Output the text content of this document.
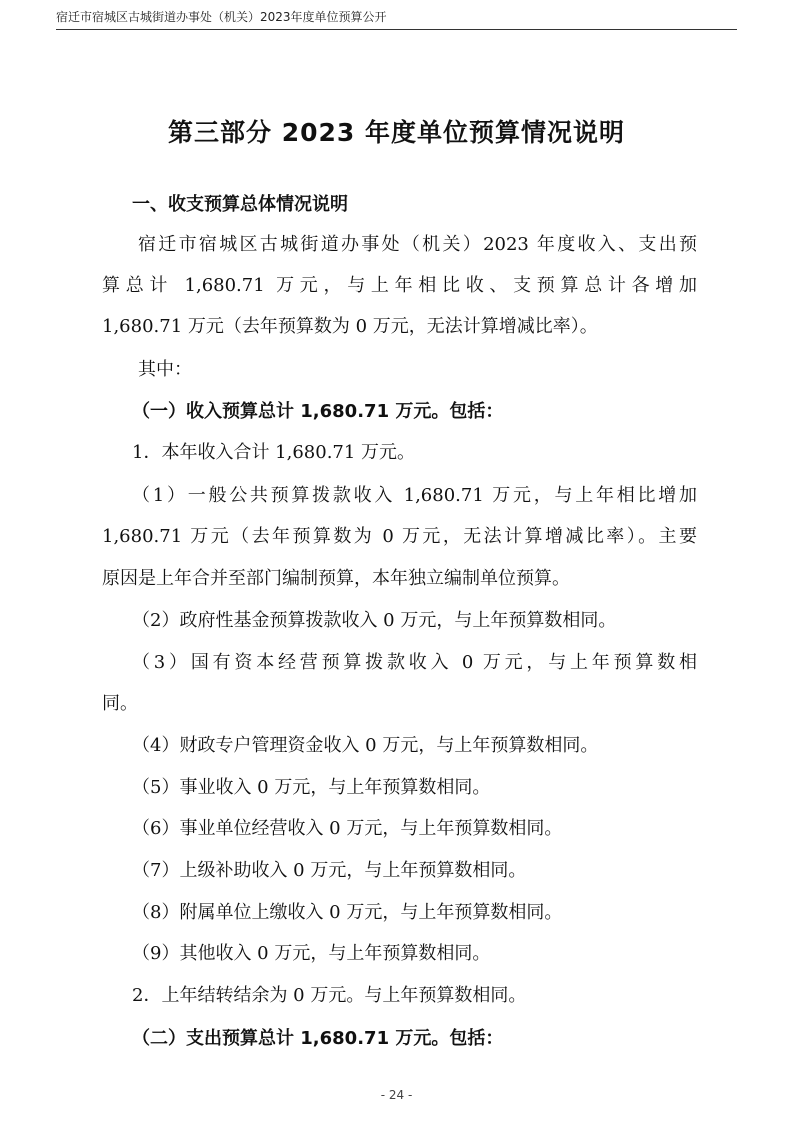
宿迁市宿城区古城街道办事处（机关）2023年度单位预算公开
第三部分 2023 年度单位预算情况说明
一、收支预算总体情况说明
宿迁市宿城区古城街道办事处（机关）2023 年度收入、支出预
算总计 1,680.71 万元，与上年相比收、支预算总计各增加
1,680.71 万元（去年预算数为 0 万元，无法计算增减比率）。
其中：
（一）收入预算总计 1,680.71 万元。包括：
1．本年收入合计 1,680.71 万元。
（1）一般公共预算拨款收入 1,680.71 万元，与上年相比增加
1,680.71 万元（去年预算数为 0 万元，无法计算增减比率）。主要
原因是上年合并至部门编制预算，本年独立编制单位预算。
（2）政府性基金预算拨款收入 0 万元，与上年预算数相同。
（3）国有资本经营预算拨款收入 0 万元，与上年预算数相
同。
（4）财政专户管理资金收入 0 万元，与上年预算数相同。
（5）事业收入 0 万元，与上年预算数相同。
（6）事业单位经营收入 0 万元，与上年预算数相同。
（7）上级补助收入 0 万元，与上年预算数相同。
（8）附属单位上缴收入 0 万元，与上年预算数相同。
（9）其他收入 0 万元，与上年预算数相同。
2．上年结转结余为 0 万元。与上年预算数相同。
（二）支出预算总计 1,680.71 万元。包括：
- 24 -
